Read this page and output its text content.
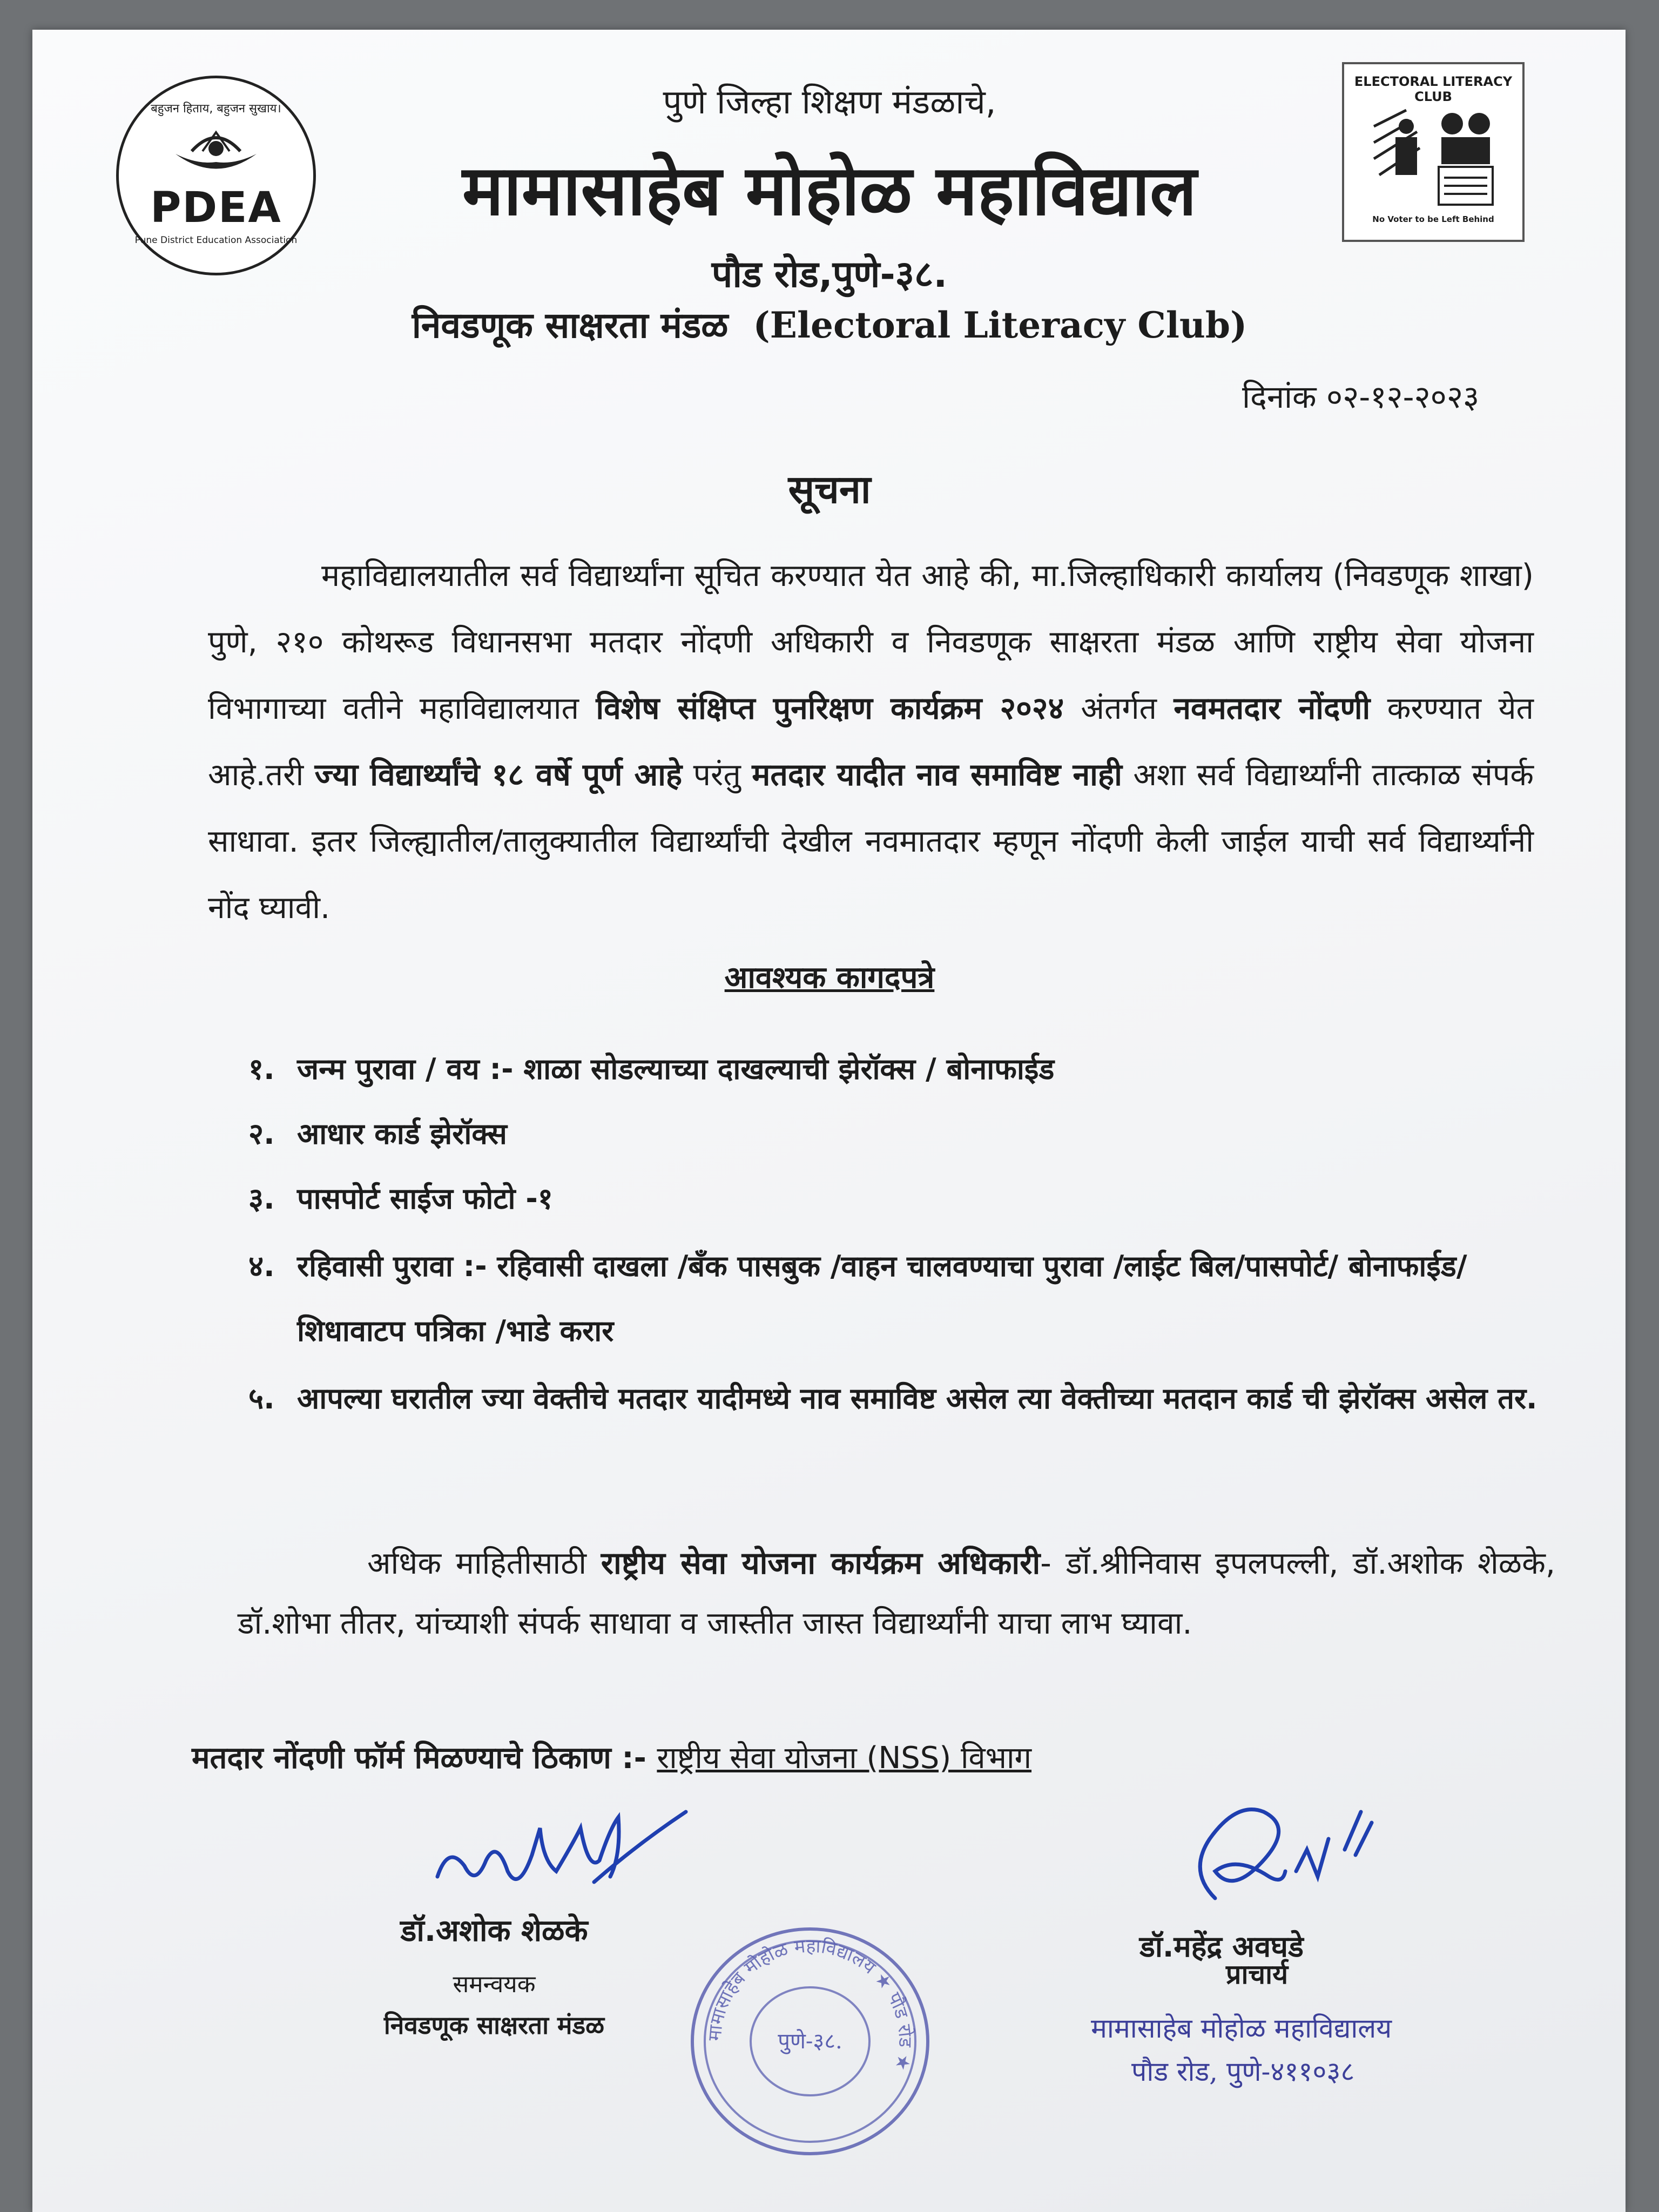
बहुजन हिताय, बहुजन सुखाय।
PDEA
Pune District Education Association
ELECTORAL LITERACY CLUB
No Voter to be Left Behind
पुणे जिल्हा शिक्षण मंडळाचे,
मामासाहेब मोहोळ महाविद्याल
पौड रोड,पुणे-३८.
निवडणूक साक्षरता मंडळ (Electoral Literacy Club)
दिनांक ०२-१२-२०२३
सूचना
महाविद्यालयातील सर्व विद्यार्थ्यांना सूचित करण्यात येत आहे की, मा.जिल्हाधिकारी कार्यालय (निवडणूक शाखा) पुणे, २१० कोथरूड विधानसभा मतदार नोंदणी अधिकारी व निवडणूक साक्षरता मंडळ आणि राष्ट्रीय सेवा योजना विभागाच्या वतीने महाविद्यालयात विशेष संक्षिप्त पुनरिक्षण कार्यक्रम २०२४ अंतर्गत नवमतदार नोंदणी करण्यात येत आहे.तरी ज्या विद्यार्थ्यांचे १८ वर्षे पूर्ण आहे परंतु मतदार यादीत नाव समाविष्ट नाही अशा सर्व विद्यार्थ्यांनी तात्काळ संपर्क साधावा. इतर जिल्ह्यातील/तालुक्यातील विद्यार्थ्यांची देखील नवमातदार म्हणून नोंदणी केली जाईल याची सर्व विद्यार्थ्यांनी नोंद घ्यावी.
आवश्यक कागदपत्रे
१. जन्म पुरावा / वय :- शाळा सोडल्याच्या दाखल्याची झेरॉक्स / बोनाफाईड
२. आधार कार्ड झेरॉक्स
३. पासपोर्ट साईज फोटो -१
४. रहिवासी पुरावा :- रहिवासी दाखला /बँक पासबुक /वाहन चालवण्याचा पुरावा /लाईट बिल/पासपोर्ट/ बोनाफाईड/शिधावाटप पत्रिका /भाडे करार
५. आपल्या घरातील ज्या वेक्तीचे मतदार यादीमध्ये नाव समाविष्ट असेल त्या वेक्तीच्या मतदान कार्ड ची झेरॉक्स असेल तर.
अधिक माहितीसाठी राष्ट्रीय सेवा योजना कार्यक्रम अधिकारी- डॉ.श्रीनिवास इपलपल्ली, डॉ.अशोक शेळके, डॉ.शोभा तीतर, यांच्याशी संपर्क साधावा व जास्तीत जास्त विद्यार्थ्यांनी याचा लाभ घ्यावा.
मतदार नोंदणी फॉर्म मिळण्याचे ठिकाण :- राष्ट्रीय सेवा योजना (NSS) विभाग
डॉ.अशोक शेळके
समन्वयक
निवडणूक साक्षरता मंडळ	मामासाहेब मोहोळ महाविद्यालय ★ पौड रोड ★
पुणे-३८.
डॉ.महेंद्र अवघडे
प्राचार्य
मामासाहेब मोहोळ महाविद्यालय
पौड रोड, पुणे-४११०३८
